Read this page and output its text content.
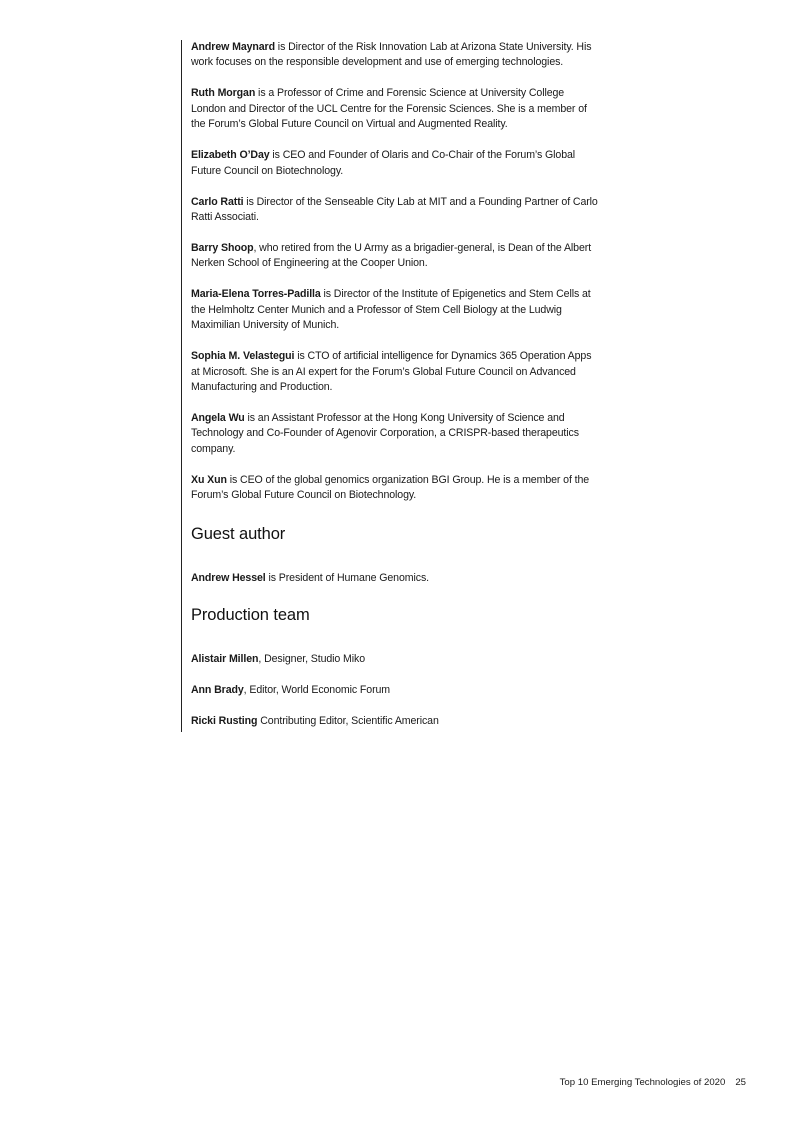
Andrew Maynard is Director of the Risk Innovation Lab at Arizona State University. His work focuses on the responsible development and use of emerging technologies.

Ruth Morgan is a Professor of Crime and Forensic Science at University College London and Director of the UCL Centre for the Forensic Sciences. She is a member of the Forum’s Global Future Council on Virtual and Augmented Reality.

Elizabeth O’Day is CEO and Founder of Olaris and Co-Chair of the Forum’s Global Future Council on Biotechnology.

Carlo Ratti is Director of the Senseable City Lab at MIT and a Founding Partner of Carlo Ratti Associati.

Barry Shoop, who retired from the U Army as a brigadier-general, is Dean of the Albert Nerken School of Engineering at the Cooper Union.

Maria-Elena Torres-Padilla is Director of the Institute of Epigenetics and Stem Cells at the Helmholtz Center Munich and a Professor of Stem Cell Biology at the Ludwig Maximilian University of Munich.

Sophia M. Velastegui is CTO of artificial intelligence for Dynamics 365 Operation Apps at Microsoft. She is an AI expert for the Forum’s Global Future Council on Advanced Manufacturing and Production.

Angela Wu is an Assistant Professor at the Hong Kong University of Science and Technology and Co-Founder of Agenovir Corporation, a CRISPR-based therapeutics company.

Xu Xun is CEO of the global genomics organization BGI Group. He is a member of the Forum’s Global Future Council on Biotechnology.

Guest author

Andrew Hessel is President of Humane Genomics.

Production team

Alistair Millen, Designer, Studio Miko

Ann Brady, Editor, World Economic Forum

Ricki Rusting Contributing Editor, Scientific American

Top 10 Emerging Technologies of 2020 25
